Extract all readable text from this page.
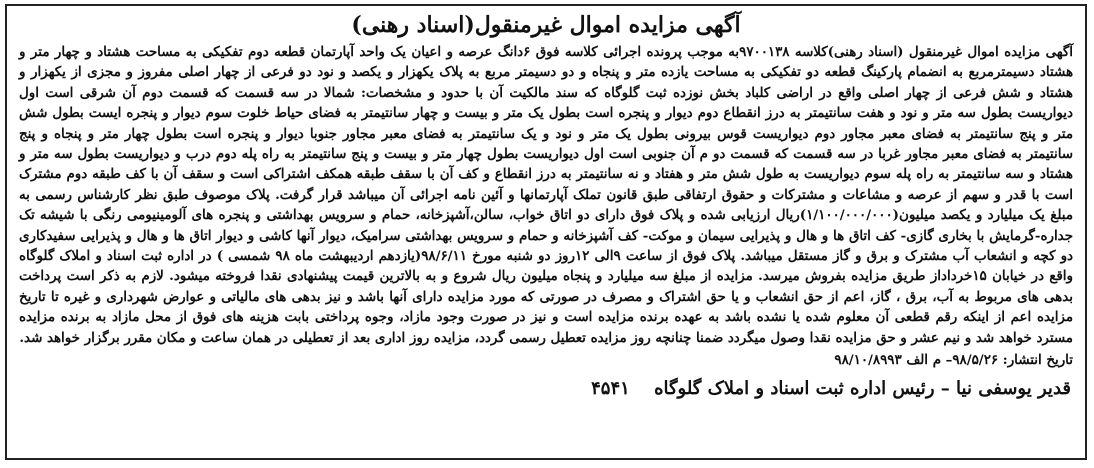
​
آگهی مزایده اموال غیرمنقول(اسناد رهنی)
آگهی مزایده اموال غیرمنقول (اسناد رهنی)کلاسه ۹۷۰۰۱۳۸به موجب پرونده اجرائی کلاسه فوق ۶دانگ عرصه و اعیان یک واحد آپارتمان قطعه دوم تفکیکی به مساحت هشتاد و چهار متر و هشتاد دسیمترمربع به انضمام پارکینگ قطعه دو تفکیکی به مساحت یازده متر و پنجاه و دو دسیمتر مربع به پلاک یکهزار و یکصد و نود دو فرعی از چهار اصلی مفروز و مجزی از یکهزار و هشتاد و شش فرعی از چهار اصلی واقع در اراضی کلباد بخش نوزده ثبت گلوگاه که سند مالکیت آن با حدود و مشخصات: شمالا در سه قسمت که قسمت دوم آن شرقی است اول دیواریست بطول سه متر و نود و هفت سانتیمتر به درز انقطاع دوم دیوار و پنجره است بطول یک متر و بیست و چهار سانتیمتر به فضای حیاط خلوت سوم دیوار و پنجره ایست بطول شش متر و پنج سانتیمتر به فضای معبر مجاور دوم دیواریست قوس بیرونی بطول یک متر و نود و یک سانتیمتر به فضای معبر مجاور جنوبا دیوار و پنجره است بطول چهار متر و پنجاه و پنج سانتیمتر به فضای معبر مجاور غربا در سه قسمت که قسمت دو م آن جنوبی است اول دیواریست بطول چهار متر و بیست و پنج سانتیمتر به راه پله دوم درب و دیواریست بطول سه متر و هشتاد و سه سانتیمتر به راه پله سوم دیواریست به طول شش متر و هفتاد و نه سانتیمتر به درز انقطاع و کف آن با سقف طبقه همکف اشتراکی است و سقف آن با کف طبقه دوم مشترک است با قدر و سهم از عرصه و مشاعات و مشترکات و حقوق ارتفاقی طبق قانون تملک آپارتمانها و آئین نامه اجرائی آن میباشد قرار گرفت. پلاک موصوف طبق نظر کارشناس رسمی به مبلغ یک میلیارد و یکصد میلیون(۱/۱۰۰/۰۰۰/۰۰۰)ریال ارزیابی شده و پلاک فوق دارای دو اتاق خواب، سالن،آشپزخانه، حمام و سرویس بهداشتی و پنجره های آلومینیومی رنگی با شیشه تک جداره-گرمایش با بخاری گازی- کف اتاق ها و هال و پذیرایی سیمان و موکت- کف آشپزخانه و حمام و سرویس بهداشتی سرامیک، دیوار آنها کاشی و دیوار اتاق ها و هال و پذیرایی سفیدکاری دو کچه و انشعاب آب مشترک و برق و گاز مستقل میباشد. پلاک فوق از ساعت ۹الی ۱۲روز دو شنبه مورخ ۹۸/۶/۱۱(یازدهم اردیبهشت ماه ۹۸ شمسی ) در اداره ثبت اسناد و املاک گلوگاه واقع در خیابان ۱۵خرداداز طریق مزایده بفروش میرسد. مزایده از مبلغ سه میلیارد و پنجاه میلیون ریال شروع و به بالاترین قیمت پیشنهادی نقدا فروخته میشود. لازم به ذکر است پرداخت بدهی های مربوط به آب، برق ، گاز، اعم از حق انشعاب و یا حق اشتراک و مصرف در صورتی که مورد مزایده دارای آنها باشد و نیز بدهی های مالیاتی و عوارض شهرداری و غیره تا تاریخ مزایده اعم از اینکه رقم قطعی آن معلوم شده یا نشده باشد به عهده برنده مزایده است و نیز در صورت وجود مازاد، وجوه پرداختی بابت هزینه های فوق از محل مازاد به برنده مزایده مسترد خواهد شد و نیم عشر و حق مزایده نقدا وصول میگردد ضمنا چنانچه روز مزایده تعطیل رسمی گردد، مزایده روز اداری بعد از تعطیلی در همان ساعت و مکان مقرر برگزار خواهد شد.
تاریخ انتشار: ۹۸/۵/۲۶– م الف ۹۸/۱۰/۸۹۹۳
قدیر یوسفی نیا – رئیس اداره ثبت اسناد و املاک گلوگاه ۴۵۴۱
